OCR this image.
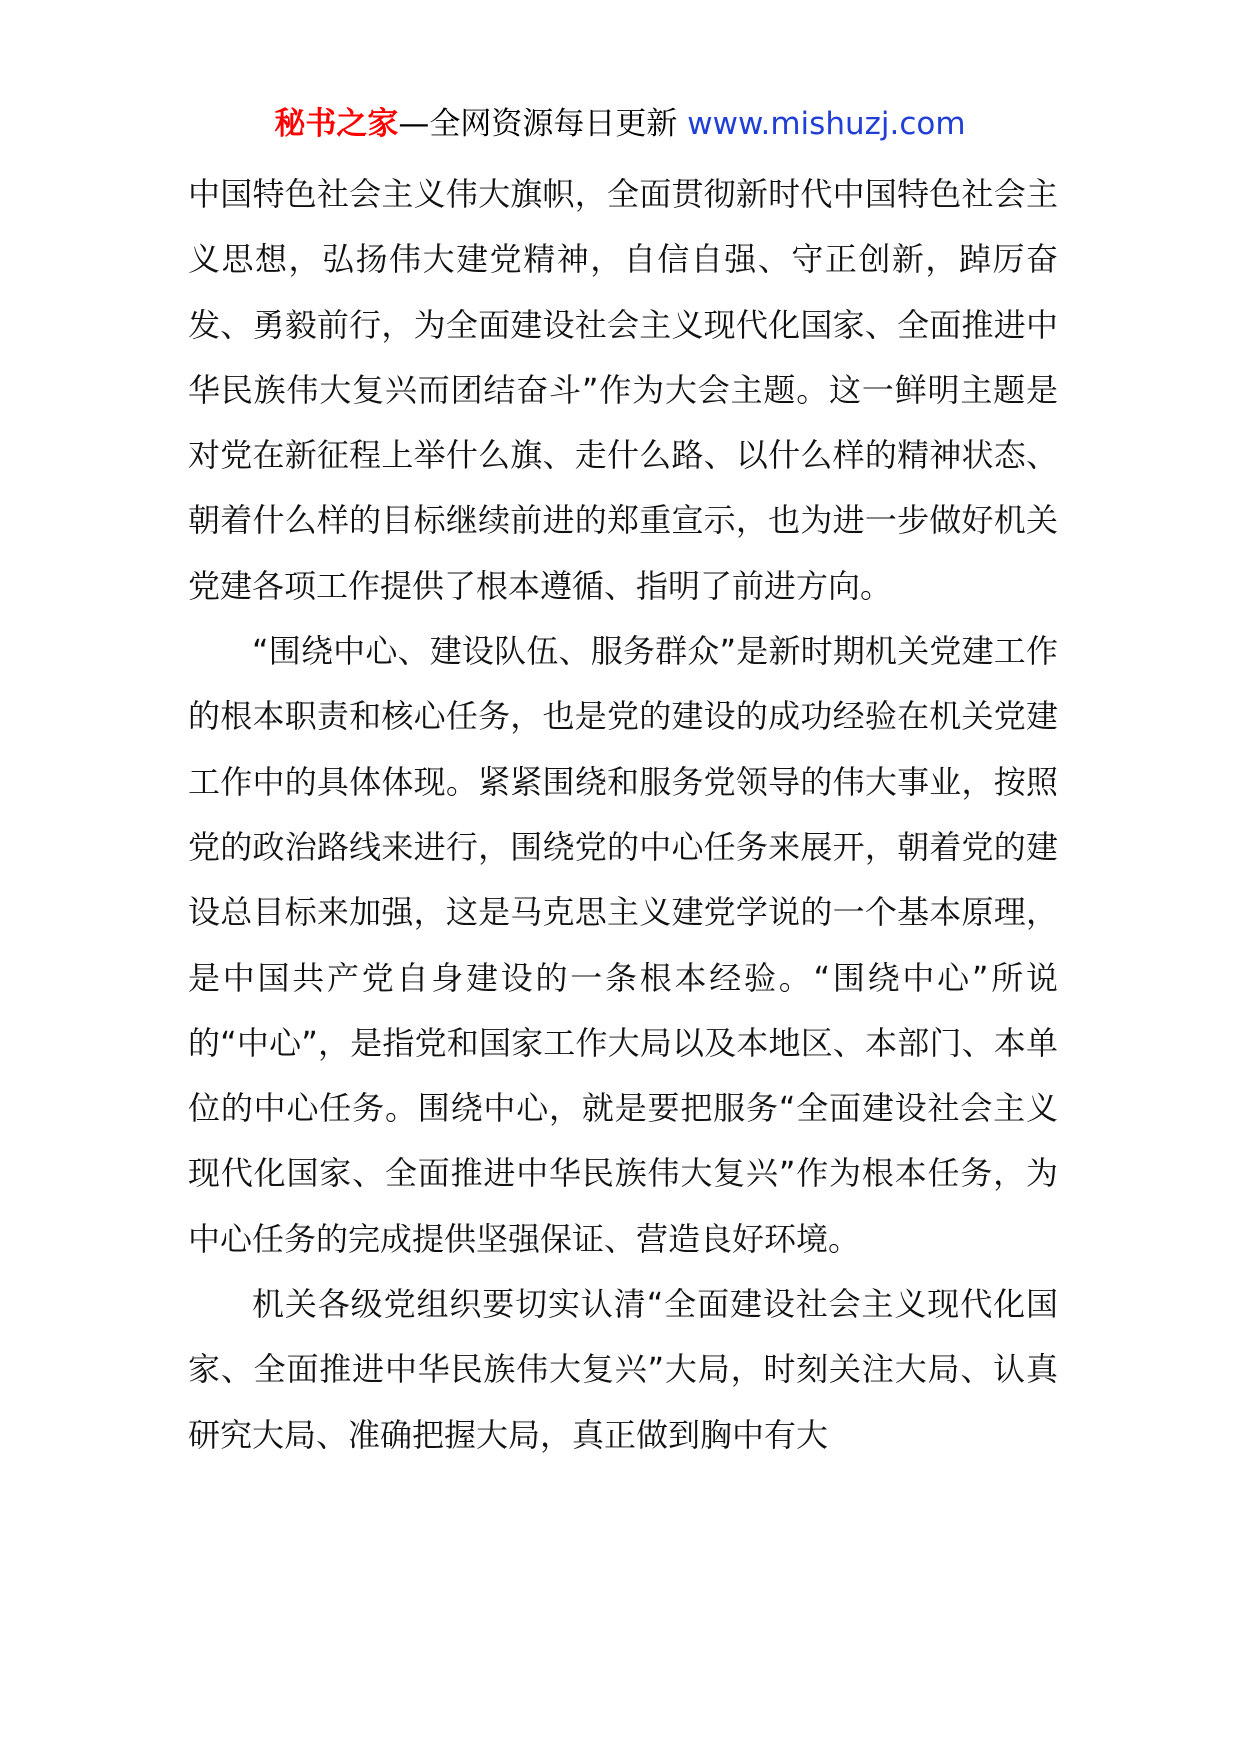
秘书之家—全网资源每日更新 www.mishuzj.com

中国特色社会主义伟大旗帜，全面贯彻新时代中国特色社会主义思想，弘扬伟大建党精神，自信自强、守正创新，踔厉奋发、勇毅前行，为全面建设社会主义现代化国家、全面推进中华民族伟大复兴而团结奋斗”作为大会主题。这一鲜明主题是对党在新征程上举什么旗、走什么路、以什么样的精神状态、朝着什么样的目标继续前进的郑重宣示，也为进一步做好机关党建各项工作提供了根本遵循、指明了前进方向。

“围绕中心、建设队伍、服务群众”是新时期机关党建工作的根本职责和核心任务，也是党的建设的成功经验在机关党建工作中的具体体现。紧紧围绕和服务党领导的伟大事业，按照党的政治路线来进行，围绕党的中心任务来展开，朝着党的建设总目标来加强，这是马克思主义建党学说的一个基本原理，是中国共产党自身建设的一条根本经验。“围绕中心”所说的“中心”，是指党和国家工作大局以及本地区、本部门、本单位的中心任务。围绕中心，就是要把服务“全面建设社会主义现代化国家、全面推进中华民族伟大复兴”作为根本任务，为中心任务的完成提供坚强保证、营造良好环境。

机关各级党组织要切实认清“全面建设社会主义现代化国家、全面推进中华民族伟大复兴”大局，时刻关注大局、认真研究大局、准确把握大局，真正做到胸中有大
